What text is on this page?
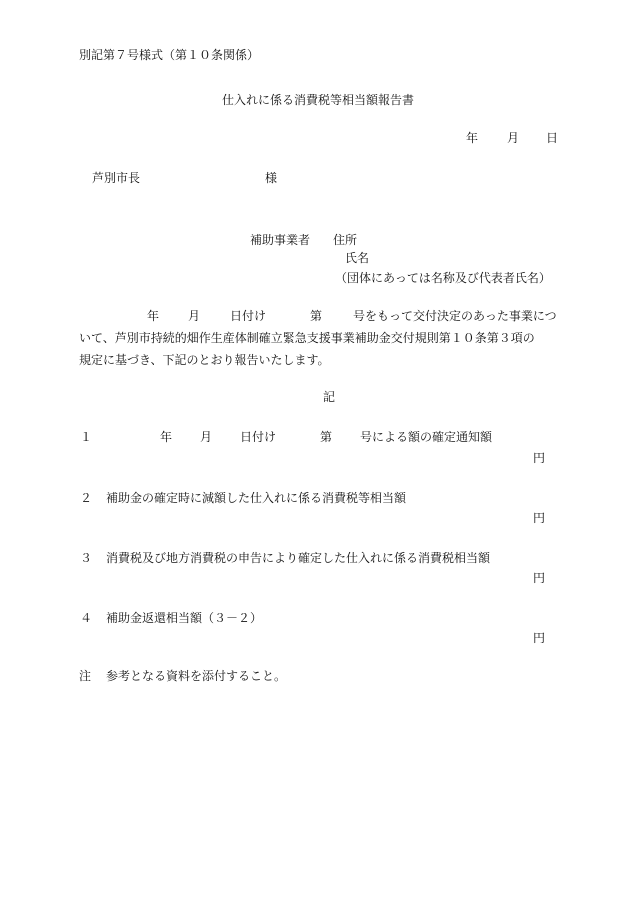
別記第７号様式（第１０条関係）
仕入れに係る消費税等相当額報告書
年 月 日
芦別市長	様
補助事業者 住所
氏名
（団体にあっては名称及び代表者氏名）
年 月 日付け	第	号をもって交付決定のあった事業につ
いて、芦別市持続的畑作生産体制確立緊急支援事業補助金交付規則第１０条第３項の
規定に基づき、下記のとおり報告いたします。
記
１	年 月 日付け	第 号による額の確定通知額
円
２ 補助金の確定時に減額した仕入れに係る消費税等相当額
円
３ 消費税及び地方消費税の申告により確定した仕入れに係る消費税相当額
円
４ 補助金返還相当額（３－２）
円
注 参考となる資料を添付すること。
